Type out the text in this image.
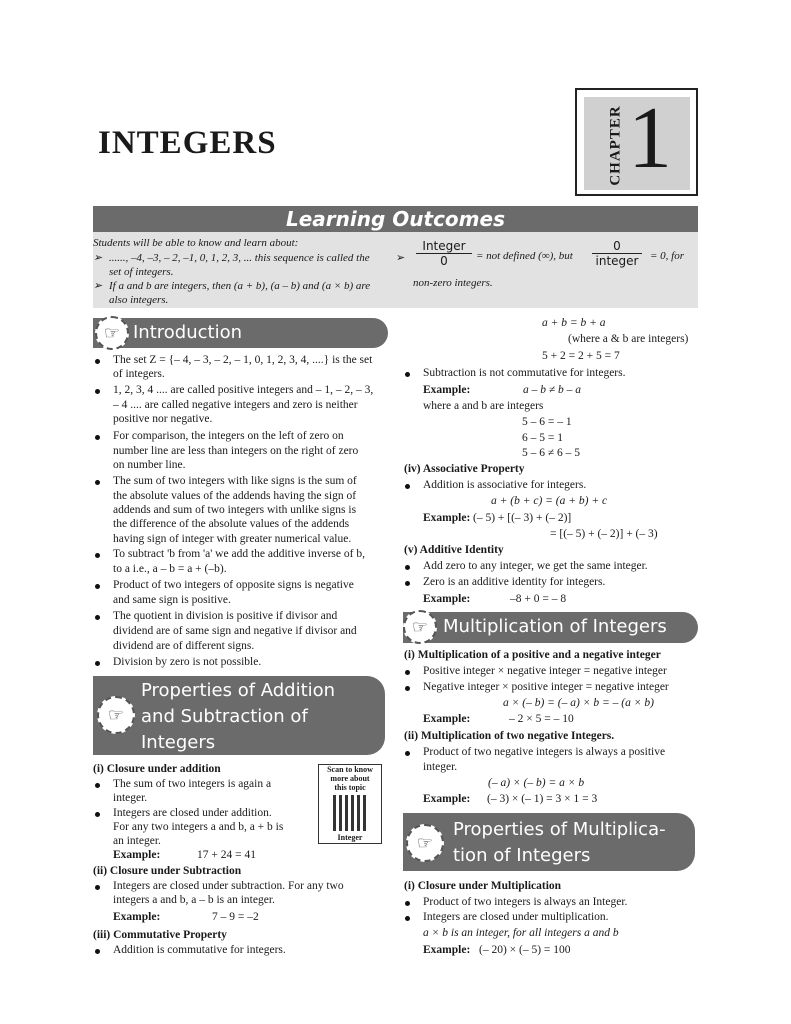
INTEGERS	CHAPTER 1
Learning Outcomes
Students will be able to know and learn about:
➢ ......, –4, –3, – 2, –1, 0, 1, 2, 3, ... this sequence is called the
set of integers.
➢ If a and b are integers, then (a + b), (a – b) and (a × b) are
also integers.
➢
Integer
0	= not defined (∞), but
0
integer	= 0, for
non-zero integers.
Introduction
☞
The set Z = {– 4, – 3, – 2, – 1, 0, 1, 2, 3, 4, ....} is the set
of integers.
1, 2, 3, 4 .... are called positive integers and – 1, – 2, – 3,
– 4 .... are called negative integers and zero is neither
positive nor negative.
For comparison, the integers on the left of zero on
number line are less than integers on the right of zero
on number line.
The sum of two integers with like signs is the sum of
the absolute values of the addends having the sign of
addends and sum of two integers with unlike signs is
the difference of the absolute values of the addends
having sign of integer with greater numerical value.
To subtract 'b from 'a' we add the additive inverse of b,
to a i.e., a – b = a + (–b).
Product of two integers of opposite signs is negative
and same sign is positive.
The quotient in division is positive if divisor and
dividend are of same sign and negative if divisor and
dividend are of different signs.
Division by zero is not possible.
Properties of Addition
and Subtraction of
Integers
☞
(i) Closure under addition
The sum of two integers is again a
integer.
Integers are closed under addition.
For any two integers a and b, a + b is
an integer.
Example:	17 + 24 = 41
Scan to know
more about
this topic
Integer
(ii) Closure under Subtraction
Integers are closed under subtraction. For any two
integers a and b, a – b is an integer.
Example:	7 – 9 = –2
(iii) Commutative Property
Addition is commutative for integers.
a + b = b + a
(where a & b are integers)
5 + 2 = 2 + 5 = 7
Subtraction is not commutative for integers.
Example:	a – b ≠ b – a
where a and b are integers
5 – 6 = – 1
6 – 5 = 1
5 – 6 ≠ 6 – 5
(iv) Associative Property
Addition is associative for integers.
a + (b + c) = (a + b) + c
Example: (– 5) + [(– 3) + (– 2)]
= [(– 5) + (– 2)] + (– 3)
(v) Additive Identity
Add zero to any integer, we get the same integer.
Zero is an additive identity for integers.
Example:	–8 + 0 = – 8
Multiplication of Integers
☞
(i) Multiplication of a positive and a negative integer
Positive integer × negative integer = negative integer
Negative integer × positive integer = negative integer
a × (– b) = (– a) × b = – (a × b)
Example:	– 2 × 5 = – 10
(ii) Multiplication of two negative Integers.
Product of two negative integers is always a positive
integer.
(– a) × (– b) = a × b
Example: (– 3) × (– 1) = 3 × 1 = 3
Properties of Multiplica-
tion of Integers
☞
(i) Closure under Multiplication
Product of two integers is always an Integer.
Integers are closed under multiplication.
a × b is an integer, for all integers a and b
Example: (– 20) × (– 5) = 100
